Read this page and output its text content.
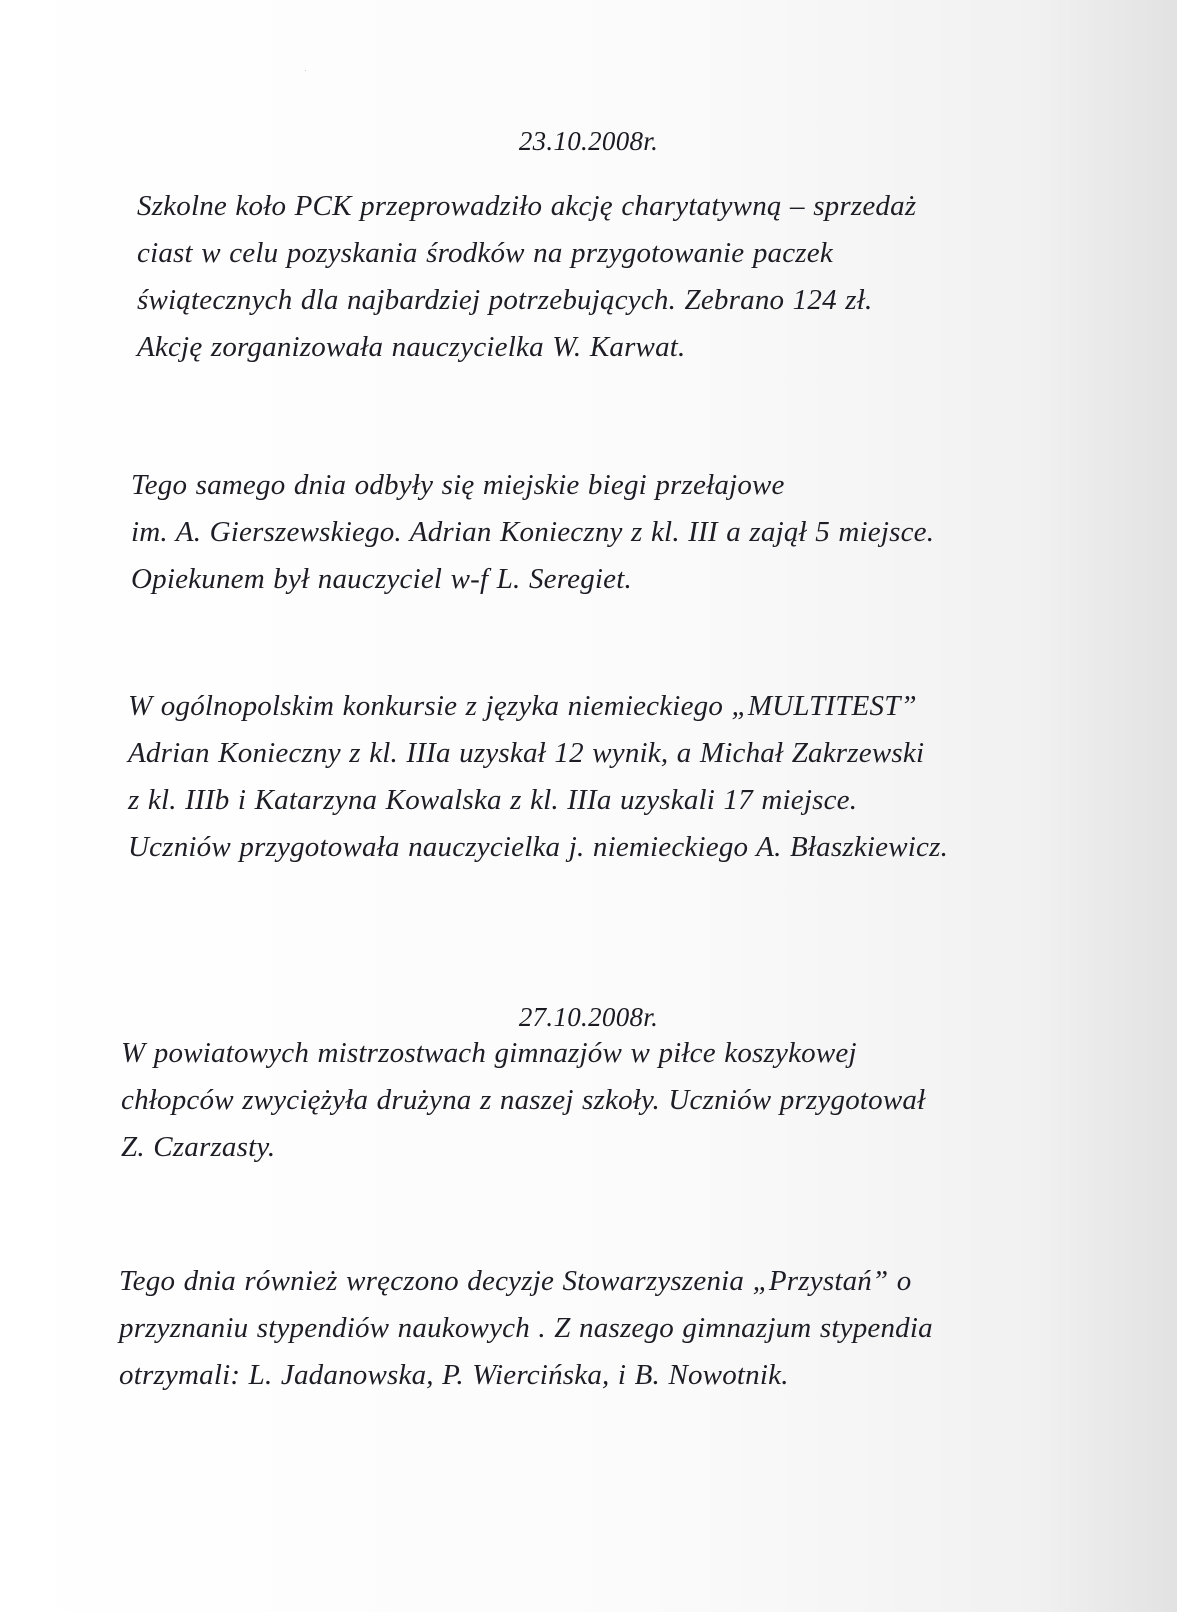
23.10.2008r.
Szkolne koło PCK przeprowadziło akcję charytatywną – sprzedaż
ciast w celu pozyskania środków na przygotowanie paczek
świątecznych dla najbardziej potrzebujących. Zebrano 124 zł.
Akcję zorganizowała nauczycielka W. Karwat.
Tego samego dnia odbyły się miejskie biegi przełajowe
im. A. Gierszewskiego. Adrian Konieczny z kl. III a zajął 5 miejsce.
Opiekunem był nauczyciel w-f L. Seregiet.
W ogólnopolskim konkursie z języka niemieckiego „MULTITEST”
Adrian Konieczny z kl. IIIa uzyskał 12 wynik, a Michał Zakrzewski
z kl. IIIb i Katarzyna Kowalska z kl. IIIa uzyskali 17 miejsce.
Uczniów przygotowała nauczycielka j. niemieckiego A. Błaszkiewicz.
27.10.2008r.
W powiatowych mistrzostwach gimnazjów w piłce koszykowej
chłopców zwyciężyła drużyna z naszej szkoły. Uczniów przygotował
Z. Czarzasty.
Tego dnia również wręczono decyzje Stowarzyszenia „Przystań” o
przyznaniu stypendiów naukowych . Z naszego gimnazjum stypendia
otrzymali: L. Jadanowska, P. Wiercińska, i B. Nowotnik.
